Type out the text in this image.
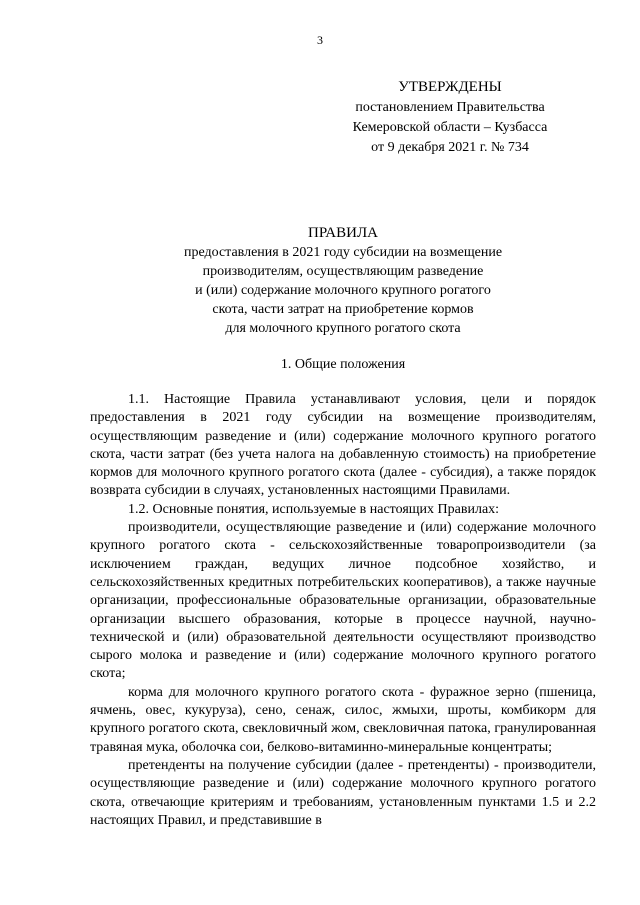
3
УТВЕРЖДЕНЫ
постановлением Правительства
Кемеровской области – Кузбасса
от 9 декабря 2021 г. № 734
ПРАВИЛА
предоставления в 2021 году субсидии на возмещение
производителям, осуществляющим разведение
и (или) содержание молочного крупного рогатого
скота, части затрат на приобретение кормов
для молочного крупного рогатого скота
1. Общие положения

1.1. Настоящие Правила устанавливают условия, цели и порядок предоставления в 2021 году субсидии на возмещение производителям, осуществляющим разведение и (или) содержание молочного крупного рогатого скота, части затрат (без учета налога на добавленную стоимость) на приобретение кормов для молочного крупного рогатого скота (далее - субсидия), а также порядок возврата субсидии в случаях, установленных настоящими Правилами.

1.2. Основные понятия, используемые в настоящих Правилах:

производители, осуществляющие разведение и (или) содержание молочного крупного рогатого скота - сельскохозяйственные товаропроизводители (за исключением граждан, ведущих личное подсобное хозяйство, и сельскохозяйственных кредитных потребительских кооперативов), а также научные организации, профессиональные образовательные организации, образовательные организации высшего образования, которые в процессе научной, научно-технической и (или) образовательной деятельности осуществляют производство сырого молока и разведение и (или) содержание молочного крупного рогатого скота;

корма для молочного крупного рогатого скота - фуражное зерно (пшеница, ячмень, овес, кукуруза), сено, сенаж, силос, жмыхи, шроты, комбикорм для крупного рогатого скота, свекловичный жом, свекловичная патока, гранулированная травяная мука, оболочка сои, белково-витаминно-минеральные концентраты;

претенденты на получение субсидии (далее - претенденты) - производители, осуществляющие разведение и (или) содержание молочного крупного рогатого скота, отвечающие критериям и требованиям, установленным пунктами 1.5 и 2.2 настоящих Правил, и представившие в
